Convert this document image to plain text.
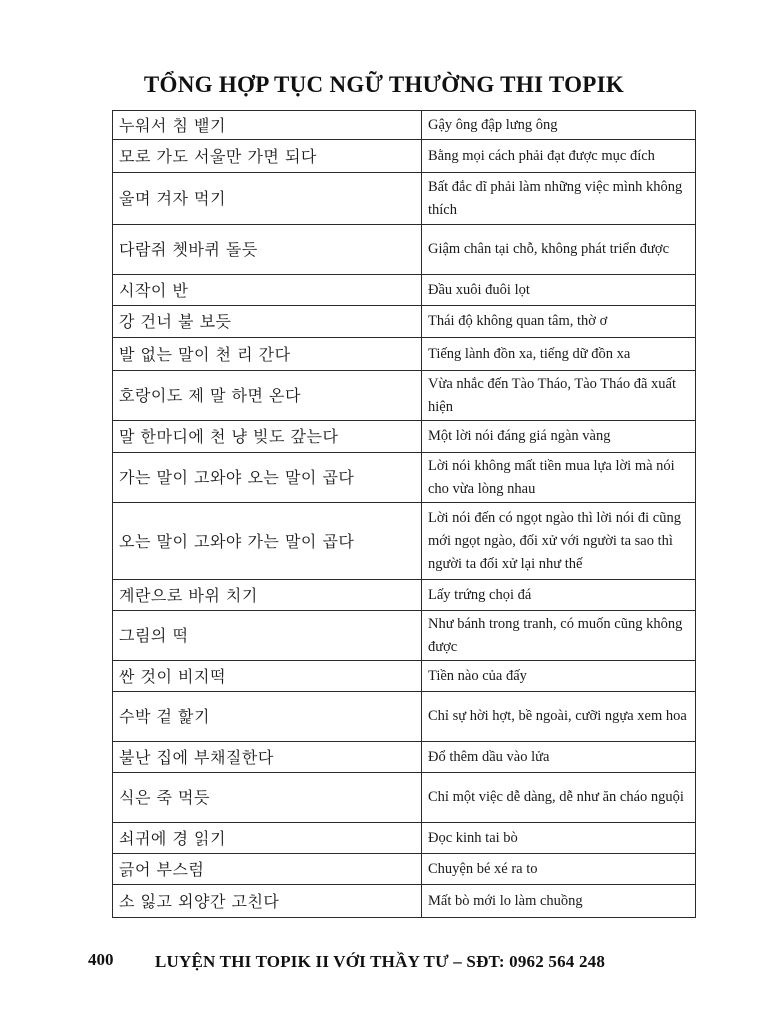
TỔNG HỢP TỤC NGỮ THƯỜNG THI TOPIK
누워서 침 뱉기	Gậy ông đập lưng ông
모로 가도 서울만 가면 되다	Bằng mọi cách phải đạt được mục đích
울며 겨자 먹기	Bất đắc dĩ phải làm những việc mình không thích
다람쥐 쳇바퀴 돌듯	Giậm chân tại chỗ, không phát triển được
시작이 반	Đầu xuôi đuôi lọt
강 건너 불 보듯	Thái độ không quan tâm, thờ ơ
발 없는 말이 천 리 간다	Tiếng lành đồn xa, tiếng dữ đồn xa
호랑이도 제 말 하면 온다	Vừa nhắc đến Tào Tháo, Tào Tháo đã xuất hiện
말 한마디에 천 냥 빚도 갚는다	Một lời nói đáng giá ngàn vàng
가는 말이 고와야 오는 말이 곱다	Lời nói không mất tiền mua lựa lời mà nói cho vừa lòng nhau
오는 말이 고와야 가는 말이 곱다	Lời nói đến có ngọt ngào thì lời nói đi cũng mới ngọt ngào, đối xử với người ta sao thì người ta đối xử lại như thế
계란으로 바위 치기	Lấy trứng chọi đá
그림의 떡	Như bánh trong tranh, có muốn cũng không được
싼 것이 비지떡	Tiền nào của đấy
수박 겉 핥기	Chỉ sự hời hợt, bề ngoài, cưỡi ngựa xem hoa
불난 집에 부채질한다	Đổ thêm dầu vào lửa
식은 죽 먹듯	Chỉ một việc dễ dàng, dễ như ăn cháo nguội
쇠귀에 경 읽기	Đọc kinh tai bò
긁어 부스럼	Chuyện bé xé ra to
소 잃고 외양간 고친다	Mất bò mới lo làm chuồng
400 LUYỆN THI TOPIK II VỚI THẦY TƯ – SĐT: 0962 564 248
